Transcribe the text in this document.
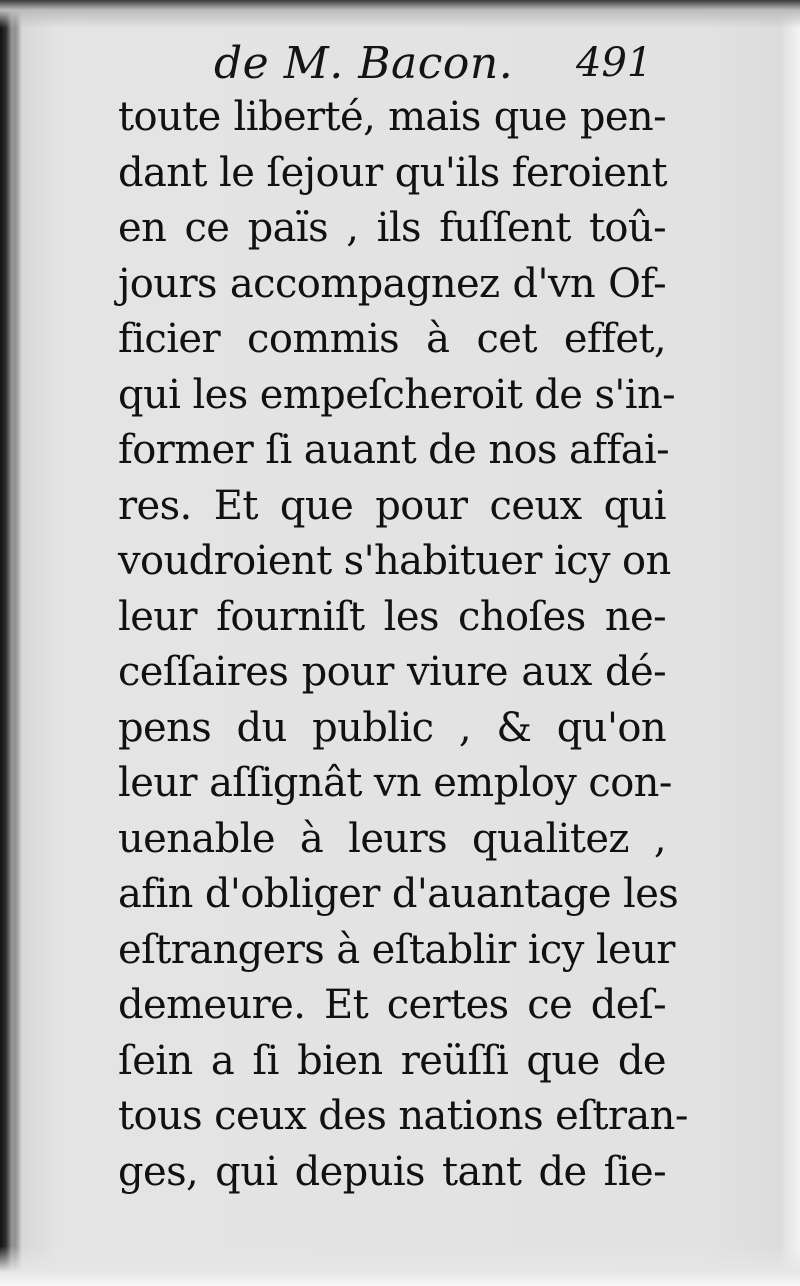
de M. Bacon. 491
toute liberté, mais que pen-
dant le ſejour qu'ils feroient
en ce païs , ils fuſſent toû-
jours accompagnez d'vn Of-
ficier commis à cet effet,
qui les empeſcheroit de s'in-
former ſi auant de nos affai-
res. Et que pour ceux qui
voudroient s'habituer icy on
leur fourniſt les choſes ne-
ceſſaires pour viure aux dé-
pens du public , & qu'on
leur aſſignât vn employ con-
uenable à leurs qualitez ,
afin d'obliger d'auantage les
eſtrangers à eſtablir icy leur
demeure. Et certes ce deſ-
ſein a ſi bien reüſſi que de
tous ceux des nations eſtran-
ges, qui depuis tant de ſie-
